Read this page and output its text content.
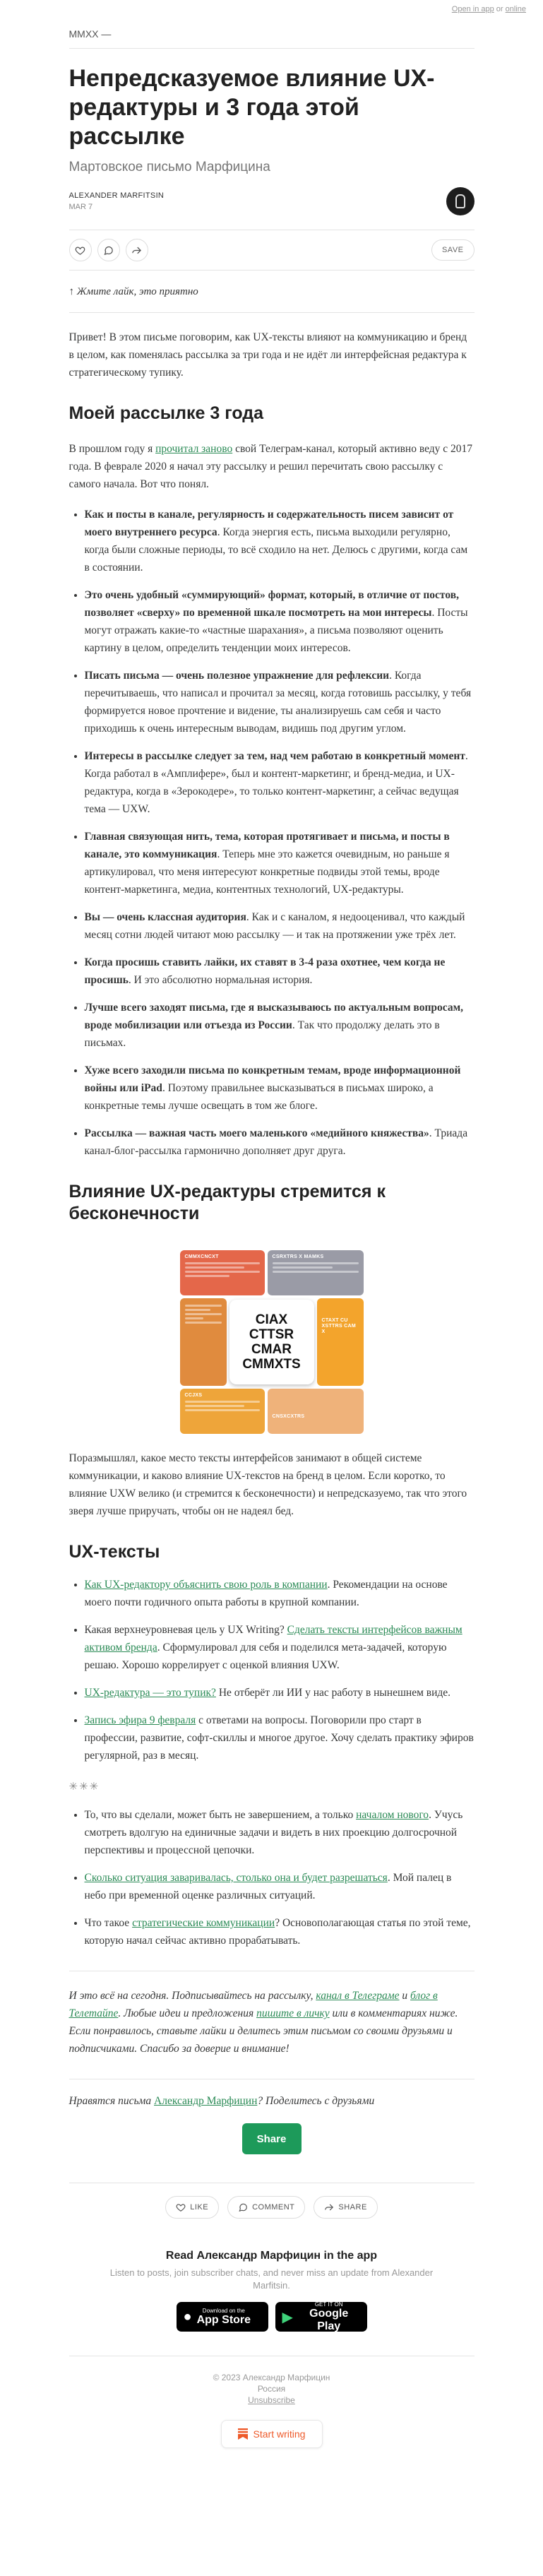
Open in app or online
MMXX —
Непредсказуемое влияние UX-редактуры и 3 года этой рассылке
Мартовское письмо Марфицина
ALEXANDER MARFITSIN
MAR 7
SAVE
↑ Жмите лайк, это приятно

Привет! В этом письме поговорим, как UX-тексты влияют на коммуникацию и бренд в целом, как поменялась рассылка за три года и не идёт ли интерфейсная редактура к стратегическому тупику.

Моей рассылке 3 года

В прошлом году я прочитал заново свой Телеграм-канал, который активно веду с 2017 года. В феврале 2020 я начал эту рассылку и решил перечитать свою рассылку с самого начала. Вот что понял.

• Как и посты в канале, регулярность и содержательность писем зависит от моего внутреннего ресурса. Когда энергия есть, письма выходили регулярно, когда были сложные периоды, то всё сходило на нет. Делюсь с другими, когда сам в состоянии.
• Это очень удобный «суммирующий» формат, который, в отличие от постов, позволяет «сверху» по временной шкале посмотреть на мои интересы. Посты могут отражать какие-то «частные шарахания», а письма позволяют оценить картину в целом, определить тенденции моих интересов.
• Писать письма — очень полезное упражнение для рефлексии. Когда перечитываешь, что написал и прочитал за месяц, когда готовишь рассылку, у тебя формируется новое прочтение и видение, ты анализируешь сам себя и часто приходишь к очень интересным выводам, видишь под другим углом.
• Интересы в рассылке следует за тем, над чем работаю в конкретный момент. Когда работал в «Амплифере», был и контент-маркетинг, и бренд-медиа, и UX-редактура, когда в «Зерокодере», то только контент-маркетинг, а сейчас ведущая тема — UXW.
• Главная связующая нить, тема, которая протягивает и письма, и посты в канале, это коммуникация. Теперь мне это кажется очевидным, но раньше я артикулировал, что меня интересуют конкретные подвиды этой темы, вроде контент-маркетинга, медиа, контентных технологий, UX-редактуры.
• Вы — очень классная аудитория. Как и с каналом, я недооценивал, что каждый месяц сотни людей читают мою рассылку — и так на протяжении уже трёх лет.
• Когда просишь ставить лайки, их ставят в 3-4 раза охотнее, чем когда не просишь. И это абсолютно нормальная история.
• Лучше всего заходят письма, где я высказываюсь по актуальным вопросам, вроде мобилизации или отъезда из России. Так что продолжу делать это в письмах.
• Хуже всего заходили письма по конкретным темам, вроде информационной войны или iPad. Поэтому правильнее высказываться в письмах широко, а конкретные темы лучше освещать в том же блоге.
• Рассылка — важная часть моего маленького «медийного княжества». Триада канал-блог-рассылка гармонично дополняет друг друга.
Влияние UX-редактуры стремится к бесконечности
CMMXCNCXT	CSRXTRS X MAMKS
CTAXT CU XSTTRS CAM X
CCJXS
CNSXCXTRS
CIAX
CTTSR
CMAR
CMMXTS

Поразмышлял, какое место тексты интерфейсов занимают в общей системе коммуникации, и каково влияние UX-текстов на бренд в целом. Если коротко, то влияние UXW велико (и стремится к бесконечности) и непредсказуемо, так что этого зверя лучше приручать, чтобы он не надеял бед.

UX-тексты
• Как UX-редактору объяснить свою роль в компании. Рекомендации на основе моего почти годичного опыта работы в крупной компании.
• Какая верхнеуровневая цель у UX Writing? Сделать тексты интерфейсов важным активом бренда. Сформулировал для себя и поделился мета-задачей, которую решаю. Хорошо коррелирует с оценкой влияния UXW.
• UX-редактура — это тупик? Не отберёт ли ИИ у нас работу в нынешнем виде.
• Запись эфира 9 февраля с ответами на вопросы. Поговорили про старт в профессии, развитие, софт-скиллы и многое другое. Хочу сделать практику эфиров регулярной, раз в месяц.
✳✳✳
• То, что вы сделали, может быть не завершением, а только началом нового. Учусь смотреть вдолгую на единичные задачи и видеть в них проекцию долгосрочной перспективы и процессной цепочки.
• Сколько ситуация заваривалась, столько она и будет разрешаться. Мой палец в небо при временной оценке различных ситуаций.
• Что такое стратегические коммуникации? Основополагающая статья по этой теме, которую начал сейчас активно прорабатывать.

И это всё на сегодня. Подписывайтесь на рассылку, канал в Телеграме и блог в Телетайпе. Любые идеи и предложения пишите в личку или в комментариях ниже. Если понравилось, ставьте лайки и делитесь этим письмом со своими друзьями и подписчиками. Спасибо за доверие и внимание!

Нравятся письма Александр Марфицин? Поделитесь с друзьями
Share
LIKE	COMMENT	SHARE
Read Александр Марфицин in the app
Listen to posts, join subscriber chats, and never miss an update from Alexander Marfitsin.
●	Download on the
App Store ▶
GET IT ON
Google Play
© 2023 Александр Марфицин
Россия
Unsubscribe
Start writing
